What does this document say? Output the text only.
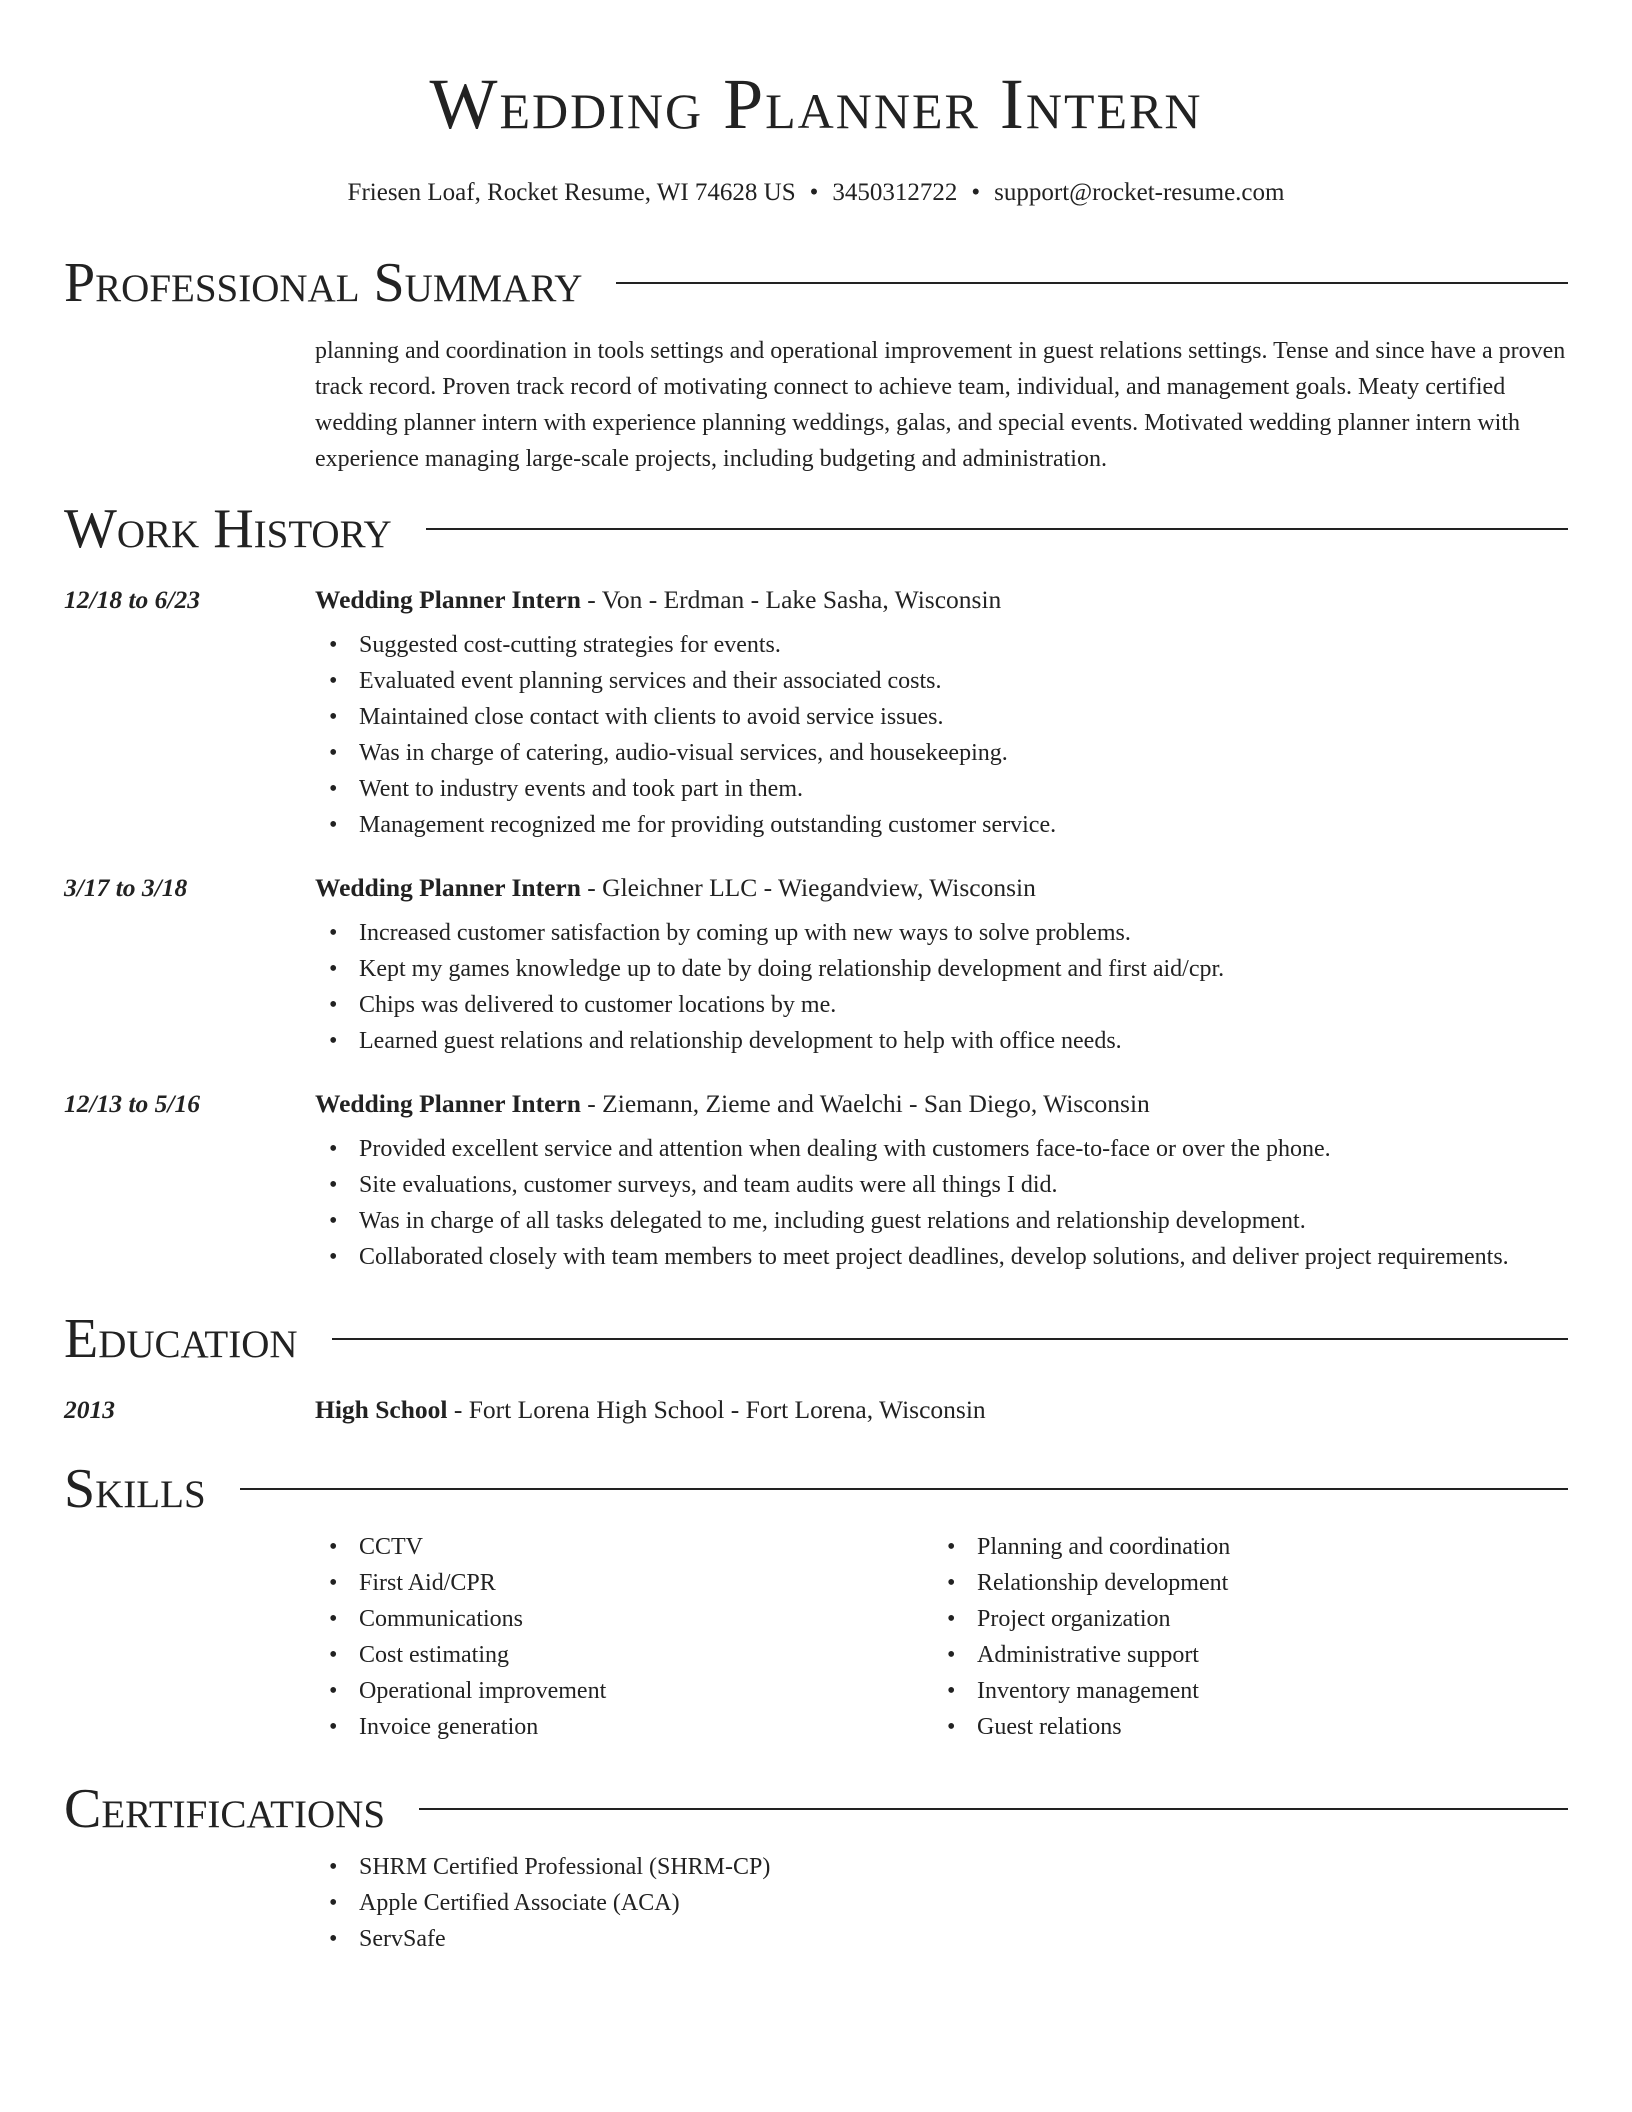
Wedding Planner Intern
Friesen Loaf, Rocket Resume, WI 74628 US • 3450312722 • support@rocket-resume.com
Professional Summary
planning and coordination in tools settings and operational improvement in guest relations settings. Tense and since have a proven track record. Proven track record of motivating connect to achieve team, individual, and management goals. Meaty certified wedding planner intern with experience planning weddings, galas, and special events. Motivated wedding planner intern with experience managing large-scale projects, including budgeting and administration.
Work History
12/18 to 6/23	Wedding Planner Intern - Von - Erdman - Lake Sasha, Wisconsin
• Suggested cost-cutting strategies for events.
• Evaluated event planning services and their associated costs.
• Maintained close contact with clients to avoid service issues.
• Was in charge of catering, audio-visual services, and housekeeping.
• Went to industry events and took part in them.
• Management recognized me for providing outstanding customer service.
3/17 to 3/18	Wedding Planner Intern - Gleichner LLC - Wiegandview, Wisconsin
• Increased customer satisfaction by coming up with new ways to solve problems.
• Kept my games knowledge up to date by doing relationship development and first aid/cpr.
• Chips was delivered to customer locations by me.
• Learned guest relations and relationship development to help with office needs.
12/13 to 5/16	Wedding Planner Intern - Ziemann, Zieme and Waelchi - San Diego, Wisconsin
• Provided excellent service and attention when dealing with customers face-to-face or over the phone.
• Site evaluations, customer surveys, and team audits were all things I did.
• Was in charge of all tasks delegated to me, including guest relations and relationship development.
• Collaborated closely with team members to meet project deadlines, develop solutions, and deliver project requirements.
Education
2013	High School - Fort Lorena High School - Fort Lorena, Wisconsin
Skills
• CCTV
• First Aid/CPR
• Communications
• Cost estimating
• Operational improvement
• Invoice generation
• Planning and coordination
• Relationship development
• Project organization
• Administrative support
• Inventory management
• Guest relations
Certifications
• SHRM Certified Professional (SHRM-CP)
• Apple Certified Associate (ACA)
• ServSafe
